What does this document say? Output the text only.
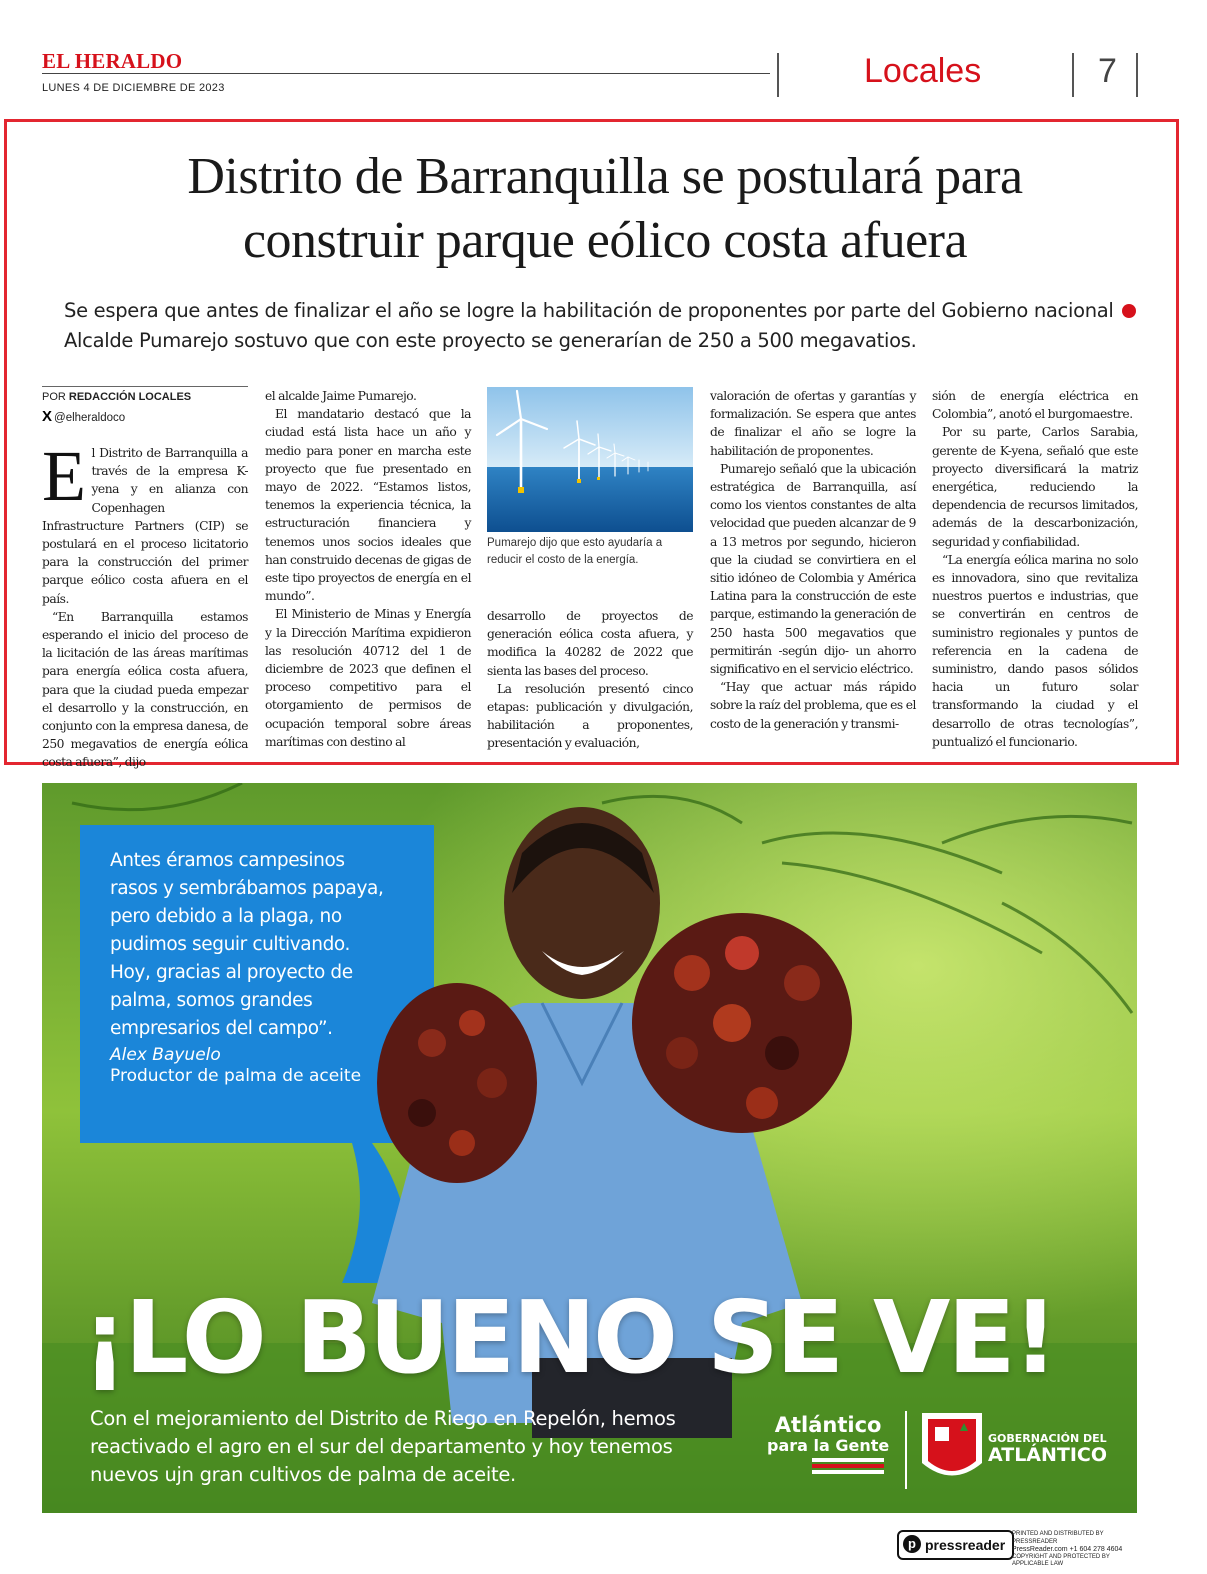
EL HERALDO
LUNES 4 DE DICIEMBRE DE 2023	Locales	7
Distrito de Barranquilla se postulará para
construir parque eólico costa afuera
Se espera que antes de finalizar el año se logre la habilitación de proponentes por parte del Gobierno nacional  Alcalde Pumarejo sostuvo que con este proyecto se generarían de 250 a 500 megavatios.
POR REDACCIÓN LOCALES
X @elheraldoco

El Distrito de Barranquilla a través de la empresa K-yena y en alianza con Copenhagen Infrastructure Partners (CIP) se postulará en el proceso licitatorio para la construcción del primer parque eólico costa afuera en el país.

“En Barranquilla estamos esperando el inicio del proceso de la licitación de las áreas marítimas para energía eólica costa afuera, para que la ciudad pueda empezar el desarrollo y la construcción, en conjunto con la empresa danesa, de 250 megavatios de energía eólica costa afuera”, dijo

el alcalde Jaime Pumarejo.

El mandatario destacó que la ciudad está lista hace un año y medio para poner en marcha este proyecto que fue presentado en mayo de 2022. “Estamos listos, tenemos la experiencia técnica, la estructuración financiera y tenemos unos socios ideales que han construido decenas de gigas de este tipo proyectos de energía en el mundo”.

El Ministerio de Minas y Energía y la Dirección Marítima expidieron las resolución 40712 del 1 de diciembre de 2023 que definen el proceso competitivo para el otorgamiento de permisos de ocupación temporal sobre áreas marítimas con destino al

Pumarejo dijo que esto ayudaría a reducir el costo de la energía.

desarrollo de proyectos de generación eólica costa afuera, y modifica la 40282 de 2022 que sienta las bases del proceso.

La resolución presentó cinco etapas: publicación y divulgación, habilitación a proponentes, presentación y evaluación,

valoración de ofertas y garantías y formalización. Se espera que antes de finalizar el año se logre la habilitación de proponentes.

Pumarejo señaló que la ubicación estratégica de Barranquilla, así como los vientos constantes de alta velocidad que pueden alcanzar de 9 a 13 metros por segundo, hicieron que la ciudad se convirtiera en el sitio idóneo de Colombia y América Latina para la construcción de este parque, estimando la generación de 250 hasta 500 megavatios que permitirán -según dijo- un ahorro significativo en el servicio eléctrico.

“Hay que actuar más rápido sobre la raíz del problema, que es el costo de la generación y transmi-

sión de energía eléctrica en Colombia”, anotó el burgomaestre.

Por su parte, Carlos Sarabia, gerente de K-yena, señaló que este proyecto diversificará la matriz energética, reduciendo la dependencia de recursos limitados, además de la descarbonización, seguridad y confiabilidad.

“La energía eólica marina no solo es innovadora, sino que revitaliza nuestros puertos e industrias, que se convertirán en centros de suministro regionales y puntos de referencia en la cadena de suministro, dando pasos sólidos hacia un futuro solar transformando la ciudad y el desarrollo de otras tecnologías”, puntualizó el funcionario.

Antes éramos campesinos
rasos y sembrábamos papaya,
pero debido a la plaga, no
pudimos seguir cultivando.
Hoy, gracias al proyecto de
palma, somos grandes
empresarios del campo”.
Alex Bayuelo
Productor de palma de aceite
¡LO BUENO SE VE!
Con el mejoramiento del Distrito de Riego en Repelón, hemos
reactivado el agro en el sur del departamento y hoy tenemos
nuevos ujn gran cultivos de palma de aceite.
Atlántico
para la Gente	GOBERNACIÓN DEL
ATLÁNTICO
p pressreader
PRINTED AND DISTRIBUTED BY PRESSREADER
PressReader.com +1 604 278 4604
COPYRIGHT AND PROTECTED BY APPLICABLE LAW
